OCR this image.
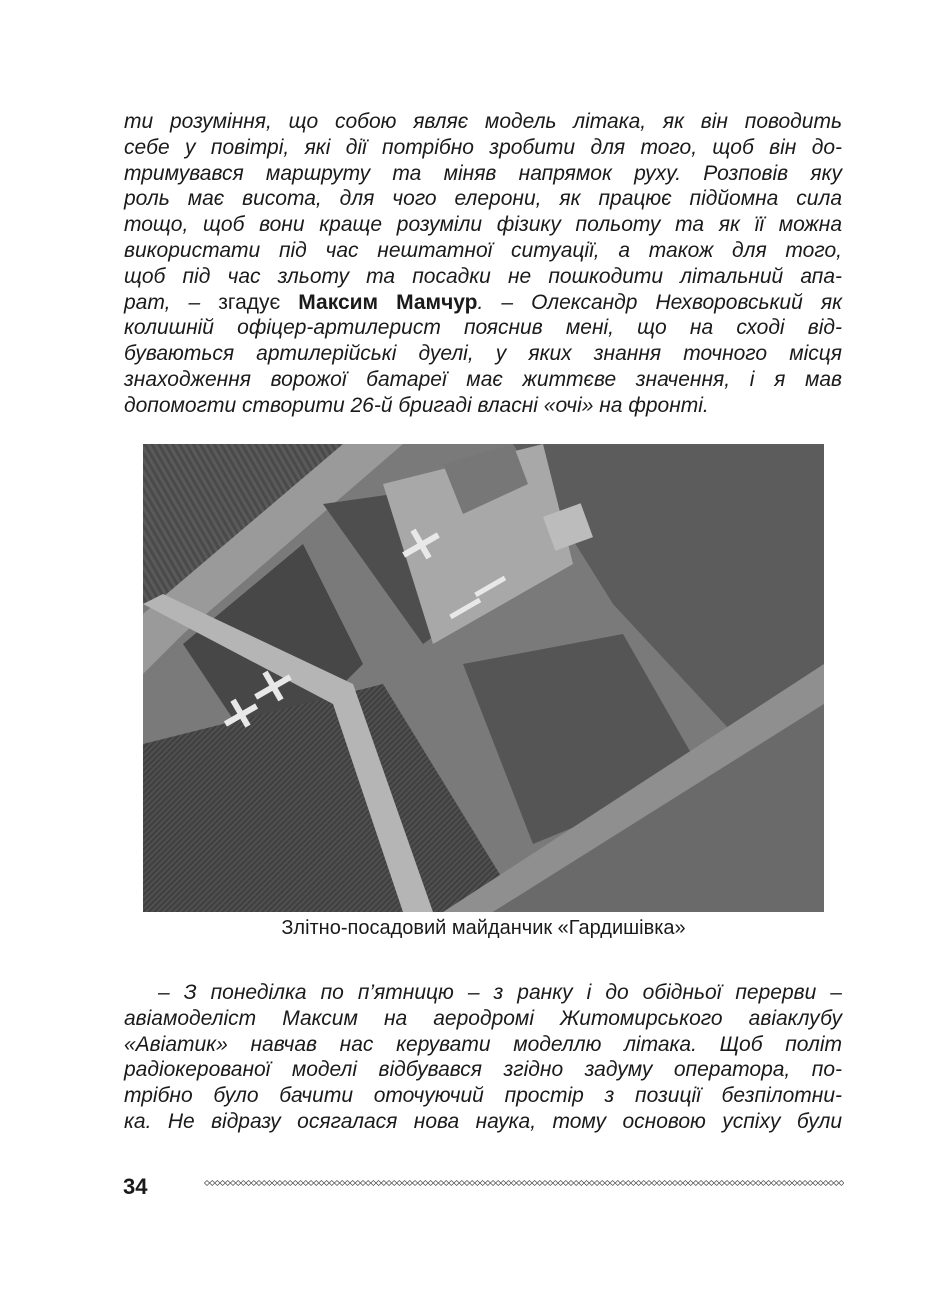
ти розуміння, що собою являє модель літака, як він поводить
себе у повітрі, які дії потрібно зробити для того, щоб він до-
тримувався маршруту та міняв напрямок руху. Розповів яку
роль має висота, для чого елерони, як працює підйомна сила
тощо, щоб вони краще розуміли фізику польоту та як її можна
використати під час нештатної ситуації, а також для того,
щоб під час зльоту та посадки не пошкодити літальний апа-
рат, – згадує Максим Мамчур. – Олександр Нехворовський як
колишній офіцер-артилерист пояснив мені, що на сході від-
буваються артилерійські дуелі, у яких знання точного місця
знаходження ворожої батареї має життєве значення, і я мав
допомогти створити 26-й бригаді власні «очі» на фронті.
Злітно-посадовий майданчик «Гардишівка»
– З понеділка по п’ятницю – з ранку і до обідньої перерви –
авіамоделіст Максим на аеродромі Житомирського авіаклубу
«Авіатик» навчав нас керувати моделлю літака. Щоб політ
радіокерованої моделі відбувався згідно задуму оператора, по-
трібно було бачити оточуючий простір з позиції безпілотни-
ка. Не відразу осягалася нова наука, тому основою успіху були
34
